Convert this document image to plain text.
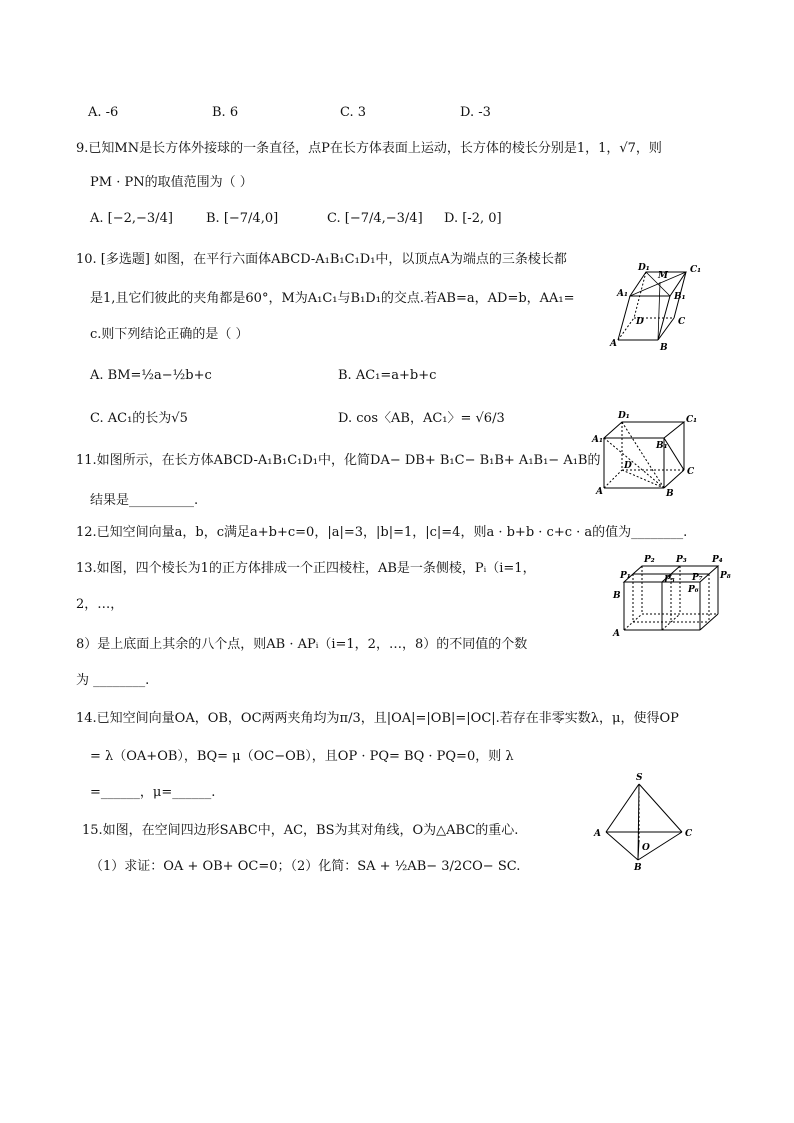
A. -6	B. 6	C. 3	D. -3
9.已知MN是长方体外接球的一条直径，点P在长方体表面上运动，长方体的棱长分别是1，1，√7，则
PM · PN的取值范围为（ ）
A. [−2,−3/4]	B. [−7/4,0]	C. [−7/4,−3/4] D. [-2, 0]
10. [多选题] 如图，在平行六面体ABCD-A₁B₁C₁D₁中，以顶点A为端点的三条棱长都
是1,且它们彼此的夹角都是60°，M为A₁C₁与B₁D₁的交点.若AB=a，AD=b，AA₁=
c.则下列结论正确的是（ ）
A. BM=½a−½b+c	B. AC₁=a+b+c
C. AC₁的长为√5	D. cos〈AB，AC₁〉= √6/3
D₁
M
C₁
A₁	B₁
D	C
A	B
11.如图所示，在长方体ABCD-A₁B₁C₁D₁中，化简DA− DB+ B₁C− B₁B+ A₁B₁− A₁B的
结果是__________.
D₁	C₁
A₁
B₁
D
C
A	B
12.已知空间向量a，b，c满足a+b+c=0，|a|=3，|b|=1，|c|=4，则a · b+b · c+c · a的值为________.
13.如图，四个棱长为1的正方体排成一个正四棱柱，AB是一条侧棱，Pᵢ（i=1，
2，…，
8）是上底面上其余的八个点，则AB · APᵢ（i=1，2，…，8）的不同值的个数
为 ________.
P₂ P₃	P₄
P₁	P₅ P₇ P₈
P₆
B
A
14.已知空间向量OA，OB，OC两两夹角均为π/3，且|OA|=|OB|=|OC|.若存在非零实数λ，μ，使得OP
= λ（OA+OB），BQ= μ（OC−OB），且OP · PQ= BQ · PQ=0，则 λ
=______，μ=______.
15.如图，在空间四边形SABC中，AC，BS为其对角线，O为△ABC的重心.
（1）求证：OA + OB+ OC=0；（2）化简：SA + ½AB− 3/2CO− SC.
S
A
O
C
B
